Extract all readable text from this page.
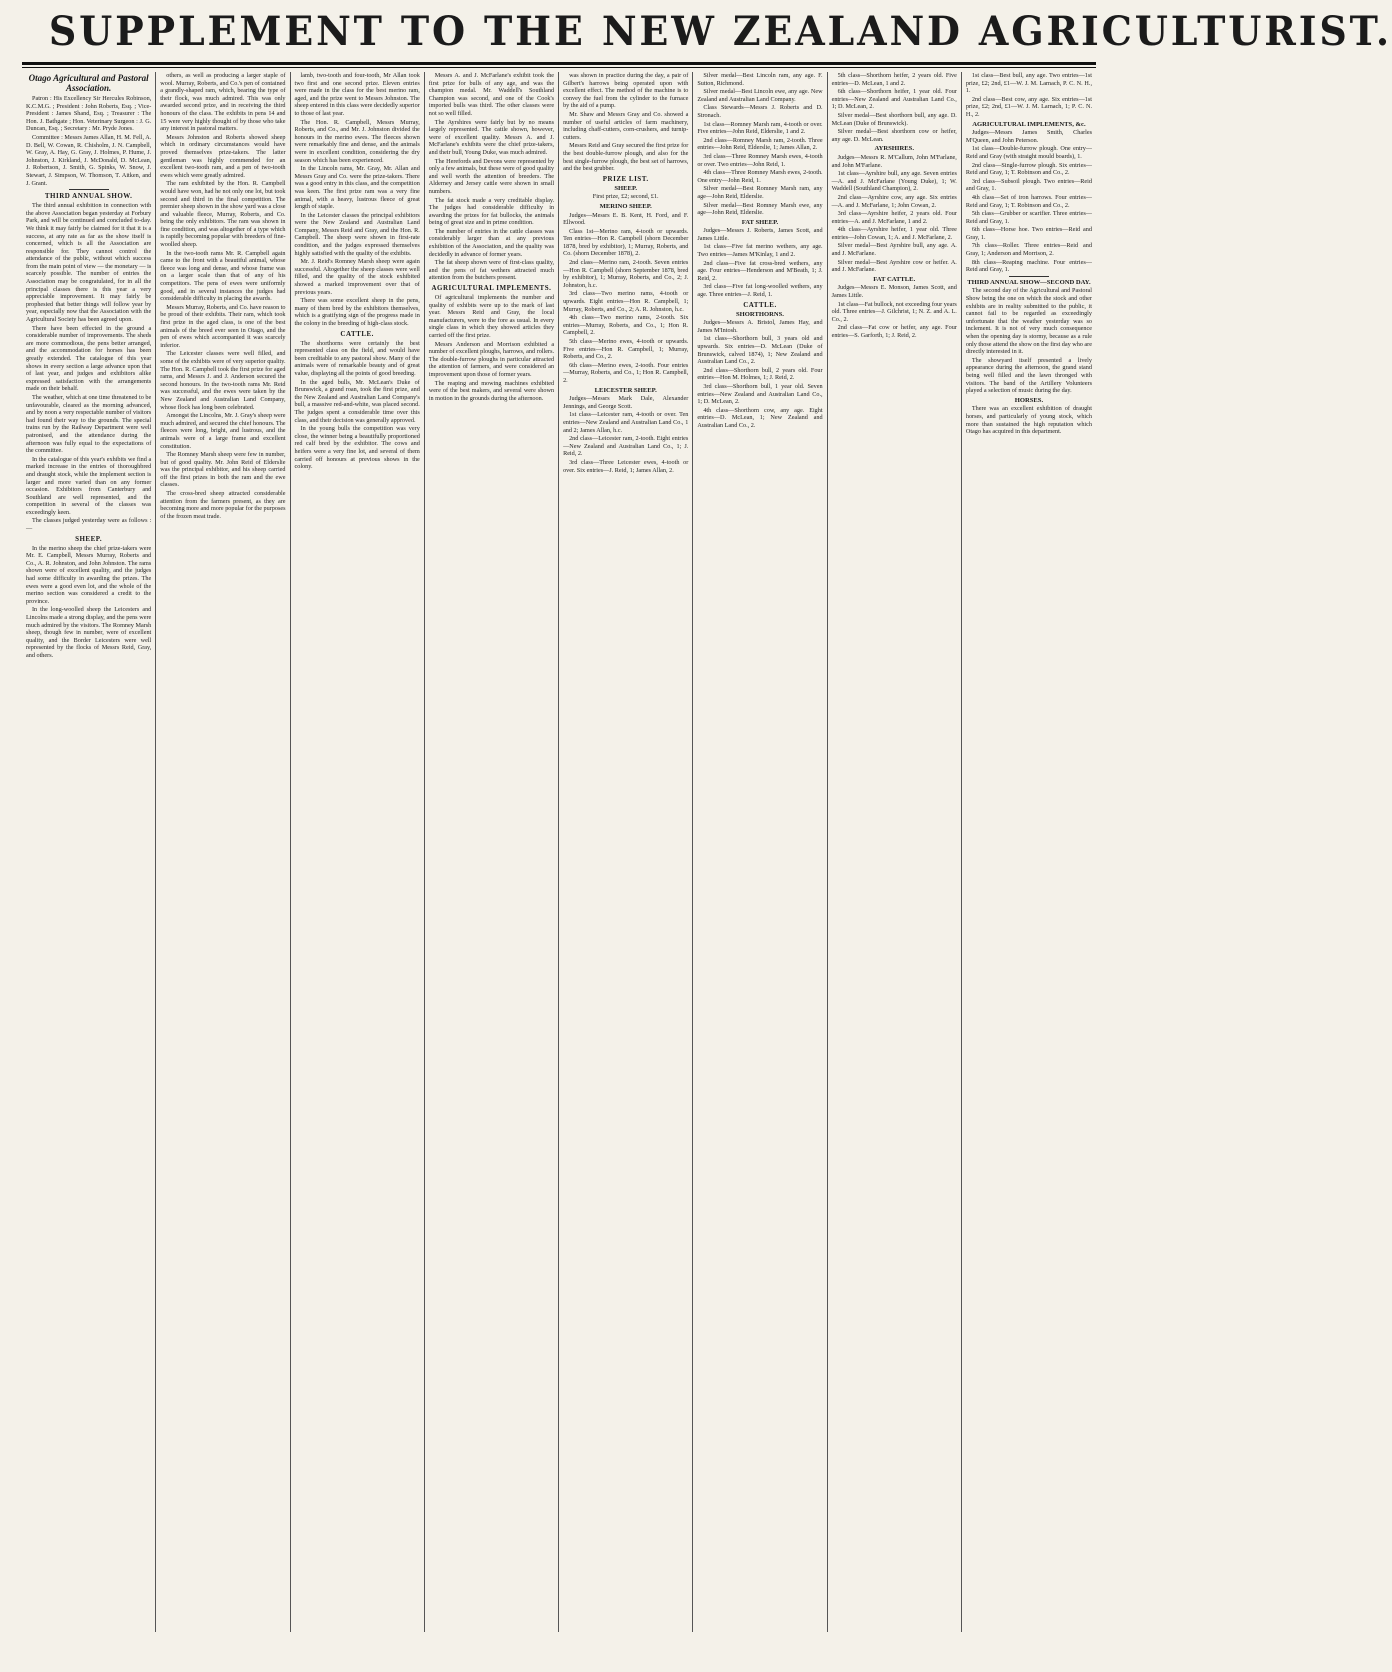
SUPPLEMENT TO THE NEW ZEALAND AGRICULTURIST.
Otago Agricultural and Pastoral Association.

Patron : His Excellency Sir Hercules Robinson, K.C.M.G. ; President : John Roberts, Esq. ; Vice-President : James Shand, Esq. ; Treasurer : The Hon. J. Bathgate ; Hon. Veterinary Surgeon : J. G. Duncan, Esq. ; Secretary : Mr. Pryde Jones.

Committee : Messrs James Allan, H. M. Fell, A. D. Bell, W. Cowan, R. Chisholm, J. N. Campbell, W. Gray, A. Hay, G. Gray, J. Holmes, P. Hume, J. Johnston, J. Kirkland, J. McDonald, D. McLean, J. Robertson, J. Smith, G. Spinks, W. Snow, J. Stewart, J. Simpson, W. Thomson, T. Aitken, and J. Grant.

THIRD ANNUAL SHOW.

The third annual exhibition in connection with the above Association began yesterday at Forbury Park, and will be continued and concluded to-day. We think it may fairly be claimed for it that it is a success, at any rate as far as the show itself is concerned, which is all the Association are responsible for. They cannot control the attendance of the public, without which success from the main point of view — the monetary — is scarcely possible. The number of entries the Association may be congratulated, for in all the principal classes there is this year a very appreciable improvement. It may fairly be prophesied that better things will follow year by year, especially now that the Association with the Agricultural Society has been agreed upon.

There have been effected in the ground a considerable number of improvements. The sheds are more commodious, the pens better arranged, and the accommodation for horses has been greatly extended. The catalogue of this year shows in every section a large advance upon that of last year, and judges and exhibitors alike expressed satisfaction with the arrangements made on their behalf.

The weather, which at one time threatened to be unfavourable, cleared as the morning advanced, and by noon a very respectable number of visitors had found their way to the grounds. The special trains run by the Railway Department were well patronised, and the attendance during the afternoon was fully equal to the expectations of the committee.

In the catalogue of this year's exhibits we find a marked increase in the entries of thoroughbred and draught stock, while the implement section is larger and more varied than on any former occasion. Exhibitors from Canterbury and Southland are well represented, and the competition in several of the classes was exceedingly keen.

The classes judged yesterday were as follows :—

SHEEP.

In the merino sheep the chief prize-takers were Mr. E. Campbell, Messrs Murray, Roberts and Co., A. R. Johnston, and John Johnston. The rams shown were of excellent quality, and the judges had some difficulty in awarding the prizes. The ewes were a good even lot, and the whole of the merino section was considered a credit to the province.

In the long-woolled sheep the Leicesters and Lincolns made a strong display, and the pens were much admired by the visitors. The Romney Marsh sheep, though few in number, were of excellent quality, and the Border Leicesters were well represented by the flocks of Messrs Reid, Gray, and others.

others, as well as producing a larger staple of wool. Murray, Roberts, and Co.'s pen of contained a grandly-shaped ram, which, bearing the type of their flock, was much admired. This was only awarded second prize, and in receiving the third honours of the class. The exhibits in pens 14 and 15 were very highly thought of by those who take any interest in pastoral matters.

Messrs Johnston and Roberts showed sheep which in ordinary circumstances would have proved themselves prize-takers. The latter gentleman was highly commended for an excellent two-tooth ram, and a pen of two-tooth ewes which were greatly admired.

The ram exhibited by the Hon. R. Campbell would have won, had he not only one lot, but took second and third in the final competition. The premier sheep shown in the show yard was a close and valuable fleece, Murray, Roberts, and Co. being the only exhibitors. The ram was shown in fine condition, and was altogether of a type which is rapidly becoming popular with breeders of fine-woolled sheep.

In the two-tooth rams Mr. R. Campbell again came to the front with a beautiful animal, whose fleece was long and dense, and whose frame was on a larger scale than that of any of his competitors. The pens of ewes were uniformly good, and in several instances the judges had considerable difficulty in placing the awards.

Messrs Murray, Roberts, and Co. have reason to be proud of their exhibits. Their ram, which took first prize in the aged class, is one of the best animals of the breed ever seen in Otago, and the pen of ewes which accompanied it was scarcely inferior.

The Leicester classes were well filled, and some of the exhibits were of very superior quality. The Hon. R. Campbell took the first prize for aged rams, and Messrs J. and J. Anderson secured the second honours. In the two-tooth rams Mr. Reid was successful, and the ewes were taken by the New Zealand and Australian Land Company, whose flock has long been celebrated.

Amongst the Lincolns, Mr. J. Gray's sheep were much admired, and secured the chief honours. The fleeces were long, bright, and lustrous, and the animals were of a large frame and excellent constitution.

The Romney Marsh sheep were few in number, but of good quality. Mr. John Reid of Elderslie was the principal exhibitor, and his sheep carried off the first prizes in both the ram and the ewe classes.

The cross-bred sheep attracted considerable attention from the farmers present, as they are becoming more and more popular for the purposes of the frozen meat trade.

lamb, two-tooth and four-tooth, Mr Allan took two first and one second prize. Eleven entries were made in the class for the best merino ram, aged, and the prize went to Messrs Johnston. The sheep entered in this class were decidedly superior to those of last year.

The Hon. R. Campbell, Messrs Murray, Roberts, and Co., and Mr. J. Johnston divided the honours in the merino ewes. The fleeces shown were remarkably fine and dense, and the animals were in excellent condition, considering the dry season which has been experienced.

In the Lincoln rams, Mr. Gray, Mr. Allan and Messrs Gray and Co. were the prize-takers. There was a good entry in this class, and the competition was keen. The first prize ram was a very fine animal, with a heavy, lustrous fleece of great length of staple.

In the Leicester classes the principal exhibitors were the New Zealand and Australian Land Company, Messrs Reid and Gray, and the Hon. R. Campbell. The sheep were shown in first-rate condition, and the judges expressed themselves highly satisfied with the quality of the exhibits.

Mr. J. Reid's Romney Marsh sheep were again successful. Altogether the sheep classes were well filled, and the quality of the stock exhibited showed a marked improvement over that of previous years.

There was some excellent sheep in the pens, many of them bred by the exhibitors themselves, which is a gratifying sign of the progress made in the colony in the breeding of high-class stock.

CATTLE.

The shorthorns were certainly the best represented class on the field, and would have been creditable to any pastoral show. Many of the animals were of remarkable beauty and of great value, displaying all the points of good breeding.

In the aged bulls, Mr. McLean's Duke of Brunswick, a grand roan, took the first prize, and the New Zealand and Australian Land Company's bull, a massive red-and-white, was placed second. The judges spent a considerable time over this class, and their decision was generally approved.

In the young bulls the competition was very close, the winner being a beautifully proportioned red calf bred by the exhibitor. The cows and heifers were a very fine lot, and several of them carried off honours at previous shows in the colony.

Messrs A. and J. McFarlane's exhibit took the first prize for bulls of any age, and was the champion medal. Mr. Waddell's Southland Champion was second, and one of the Cook's imported bulls was third. The other classes were not so well filled.

The Ayrshires were fairly but by no means largely represented. The cattle shown, however, were of excellent quality. Messrs A. and J. McFarlane's exhibits were the chief prize-takers, and their bull, Young Duke, was much admired.

The Herefords and Devons were represented by only a few animals, but these were of good quality and well worth the attention of breeders. The Alderney and Jersey cattle were shown in small numbers.

The fat stock made a very creditable display. The judges had considerable difficulty in awarding the prizes for fat bullocks, the animals being of great size and in prime condition.

The number of entries in the cattle classes was considerably larger than at any previous exhibition of the Association, and the quality was decidedly in advance of former years.

The fat sheep shown were of first-class quality, and the pens of fat wethers attracted much attention from the butchers present.

AGRICULTURAL IMPLEMENTS.

Of agricultural implements the number and quality of exhibits were up to the mark of last year. Messrs Reid and Gray, the local manufacturers, were to the fore as usual. In every single class in which they showed articles they carried off the first prize.

Messrs Anderson and Morrison exhibited a number of excellent ploughs, harrows, and rollers. The double-furrow ploughs in particular attracted the attention of farmers, and were considered an improvement upon those of former years.

The reaping and mowing machines exhibited were of the best makers, and several were shown in motion in the grounds during the afternoon.

was shown in practice during the day, a pair of Gilbert's harrows being operated upon with excellent effect. The method of the machine is to convey the fuel from the cylinder to the furnace by the aid of a pump.

Mr. Shaw and Messrs Gray and Co. showed a number of useful articles of farm machinery, including chaff-cutters, corn-crushers, and turnip-cutters.

Messrs Reid and Gray secured the first prize for the best double-furrow plough, and also for the best single-furrow plough, the best set of harrows, and the best grubber.

PRIZE LIST.
SHEEP.

First prize, £2; second, £1.

MERINO SHEEP.

Judges—Messrs E. B. Kent, H. Ford, and F. Ellwood.

Class 1st—Merino ram, 4-tooth or upwards. Ten entries—Hon R. Campbell (shorn December 1878, bred by exhibitor), 1; Murray, Roberts, and Co. (shorn December 1878), 2.

2nd class—Merino ram, 2-tooth. Seven entries—Hon R. Campbell (shorn September 1878, bred by exhibitor), 1; Murray, Roberts, and Co., 2; J. Johnston, h.c.

3rd class—Two merino rams, 4-tooth or upwards. Eight entries—Hon R. Campbell, 1; Murray, Roberts, and Co., 2; A. R. Johnston, h.c.

4th class—Two merino rams, 2-tooth. Six entries—Murray, Roberts, and Co., 1; Hon R. Campbell, 2.

5th class—Merino ewes, 4-tooth or upwards. Five entries—Hon R. Campbell, 1; Murray, Roberts, and Co., 2.

6th class—Merino ewes, 2-tooth. Four entries—Murray, Roberts, and Co., 1; Hon R. Campbell, 2.

LEICESTER SHEEP.

Judges—Messrs Mark Dale, Alexander Jennings, and George Scott.

1st class—Leicester ram, 4-tooth or over. Ten entries—New Zealand and Australian Land Co., 1 and 2; James Allan, h.c.

2nd class—Leicester ram, 2-tooth. Eight entries—New Zealand and Australian Land Co., 1; J. Reid, 2.

3rd class—Three Leicester ewes, 4-tooth or over. Six entries—J. Reid, 1; James Allan, 2.

Silver medal—Best Lincoln ram, any age. F. Sutton, Richmond.

Silver medal—Best Lincoln ewe, any age. New Zealand and Australian Land Company.

Class Stewards—Messrs J. Roberts and D. Stronach.

1st class—Romney Marsh ram, 4-tooth or over. Five entries—John Reid, Elderslie, 1 and 2.

2nd class—Romney Marsh ram, 2-tooth. Three entries—John Reid, Elderslie, 1; James Allan, 2.

3rd class—Three Romney Marsh ewes, 4-tooth or over. Two entries—John Reid, 1.

4th class—Three Romney Marsh ewes, 2-tooth. One entry—John Reid, 1.

Silver medal—Best Romney Marsh ram, any age—John Reid, Elderslie.

Silver medal—Best Romney Marsh ewe, any age—John Reid, Elderslie.

FAT SHEEP.

Judges—Messrs J. Roberts, James Scott, and James Little.

1st class—Five fat merino wethers, any age. Two entries—James M'Kinlay, 1 and 2.

2nd class—Five fat cross-bred wethers, any age. Four entries—Henderson and M'Beath, 1; J. Reid, 2.

3rd class—Five fat long-woolled wethers, any age. Three entries—J. Reid, 1.

CATTLE.
SHORTHORNS.

Judges—Messrs A. Bristol, James Hay, and James M'Intosh.

1st class—Shorthorn bull, 3 years old and upwards. Six entries—D. McLean (Duke of Brunswick, calved 1874), 1; New Zealand and Australian Land Co., 2.

2nd class—Shorthorn bull, 2 years old. Four entries—Hon M. Holmes, 1; J. Reid, 2.

3rd class—Shorthorn bull, 1 year old. Seven entries—New Zealand and Australian Land Co., 1; D. McLean, 2.

4th class—Shorthorn cow, any age. Eight entries—D. McLean, 1; New Zealand and Australian Land Co., 2.

5th class—Shorthorn heifer, 2 years old. Five entries—D. McLean, 1 and 2.

6th class—Shorthorn heifer, 1 year old. Four entries—New Zealand and Australian Land Co., 1; D. McLean, 2.

Silver medal—Best shorthorn bull, any age. D. McLean (Duke of Brunswick).

Silver medal—Best shorthorn cow or heifer, any age. D. McLean.

AYRSHIRES.

Judges—Messrs R. M'Callum, John M'Farlane, and John M'Farlane.

1st class—Ayrshire bull, any age. Seven entries—A. and J. McFarlane (Young Duke), 1; W. Waddell (Southland Champion), 2.

2nd class—Ayrshire cow, any age. Six entries—A. and J. McFarlane, 1; John Cowan, 2.

3rd class—Ayrshire heifer, 2 years old. Four entries—A. and J. McFarlane, 1 and 2.

4th class—Ayrshire heifer, 1 year old. Three entries—John Cowan, 1; A. and J. McFarlane, 2.

Silver medal—Best Ayrshire bull, any age. A. and J. McFarlane.

Silver medal—Best Ayrshire cow or heifer. A. and J. McFarlane.

FAT CATTLE.

Judges—Messrs E. Monson, James Scott, and James Little.

1st class—Fat bullock, not exceeding four years old. Three entries—J. Gilchrist, 1; N. Z. and A. L. Co., 2.

2nd class—Fat cow or heifer, any age. Four entries—S. Garforth, 1; J. Reid, 2.

1st class—Best bull, any age. Two entries—1st prize, £2; 2nd, £1—W. J. M. Larnach, P. C. N. H., 1.

2nd class—Best cow, any age. Six entries—1st prize, £2; 2nd, £1—W. J. M. Larnach, 1; P. C. N. H., 2.

AGRICULTURAL IMPLEMENTS, &c.

Judges—Messrs James Smith, Charles M'Queen, and John Peterson.

1st class—Double-furrow plough. One entry—Reid and Gray (with straight mould boards), 1.

2nd class—Single-furrow plough. Six entries—Reid and Gray, 1; T. Robinson and Co., 2.

3rd class—Subsoil plough. Two entries—Reid and Gray, 1.

4th class—Set of iron harrows. Four entries—Reid and Gray, 1; T. Robinson and Co., 2.

5th class—Grubber or scarifier. Three entries—Reid and Gray, 1.

6th class—Horse hoe. Two entries—Reid and Gray, 1.

7th class—Roller. Three entries—Reid and Gray, 1; Anderson and Morrison, 2.

8th class—Reaping machine. Four entries—Reid and Gray, 1.

THIRD ANNUAL SHOW—SECOND DAY.

The second day of the Agricultural and Pastoral Show being the one on which the stock and other exhibits are in reality submitted to the public, it cannot fail to be regarded as exceedingly unfortunate that the weather yesterday was so inclement. It is not of very much consequence when the opening day is stormy, because as a rule only those attend the show on the first day who are directly interested in it.

The showyard itself presented a lively appearance during the afternoon, the grand stand being well filled and the lawn thronged with visitors. The band of the Artillery Volunteers played a selection of music during the day.

HORSES.

There was an excellent exhibition of draught horses, and particularly of young stock, which more than sustained the high reputation which Otago has acquired in this department.
